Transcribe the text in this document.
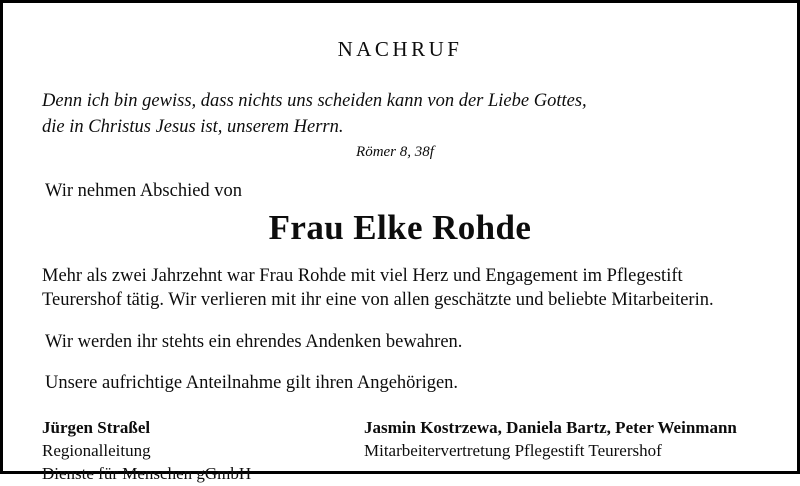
NACHRUF
Denn ich bin gewiss, dass nichts uns scheiden kann von der Liebe Gottes,
die in Christus Jesus ist, unserem Herrn.
Römer 8, 38f
Wir nehmen Abschied von
Frau Elke Rohde
Mehr als zwei Jahrzehnt war Frau Rohde mit viel Herz und Engagement im Pflegestift
Teurershof tätig. Wir verlieren mit ihr eine von allen geschätzte und beliebte Mitarbeiterin.
Wir werden ihr stehts ein ehrendes Andenken bewahren.
Unsere aufrichtige Anteilnahme gilt ihren Angehörigen.
Jürgen Straßel
Regionalleitung
Dienste für Menschen gGmbH
Jasmin Kostrzewa, Daniela Bartz, Peter Weinmann
Mitarbeitervertretung Pflegestift Teurershof
